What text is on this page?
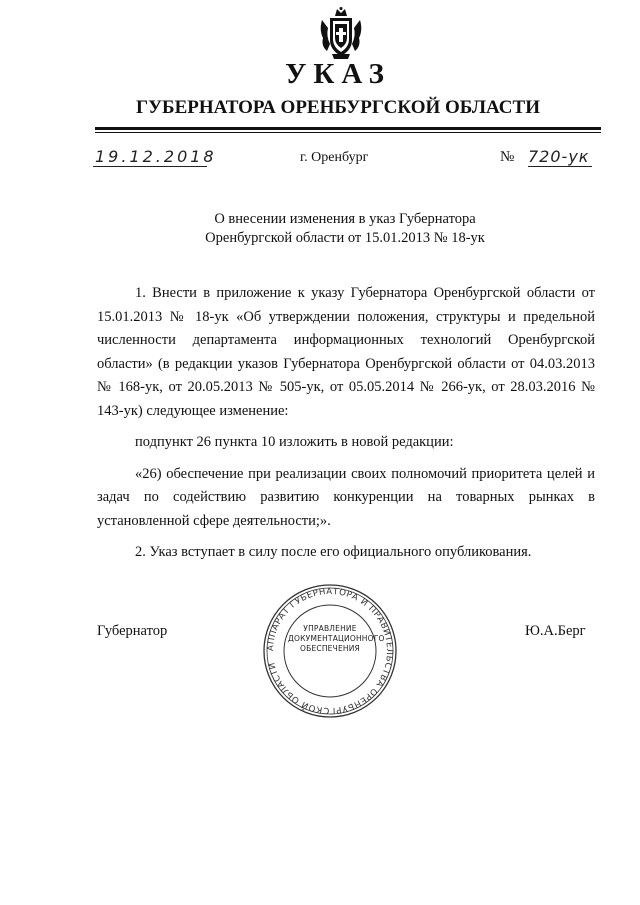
УКАЗ
ГУБЕРНАТОРА ОРЕНБУРГСКОЙ ОБЛАСТИ
19.12.2018	г. Оренбург	№ 720-ук
О внесении изменения в указ Губернатора
Оренбургской области от 15.01.2013 № 18-ук

1. Внести в приложение к указу Губернатора Оренбургской области от 15.01.2013 № 18-ук «Об утверждении положения, структуры и предельной численности департамента информационных технологий Оренбургской области» (в редакции указов Губернатора Оренбургской области от 04.03.2013 № 168-ук, от 20.05.2013 № 505-ук, от 05.05.2014 № 266-ук, от 28.03.2016 № 143-ук) следующее изменение:

подпункт 26 пункта 10 изложить в новой редакции:

«26) обеспечение при реализации своих полномочий приоритета целей и задач по содействию развитию конкуренции на товарных рынках в установленной сфере деятельности;».

2. Указ вступает в силу после его официального опубликования.

Губернатор	Ю.А.Берг
АППАРАТ ГУБЕРНАТОРА И ПРАВИТЕЛЬСТВА ОРЕНБУРГСКОЙ ОБЛАСТИ
УПРАВЛЕНИЕ
ДОКУМЕНТАЦИОННОГО
ОБЕСПЕЧЕНИЯ
